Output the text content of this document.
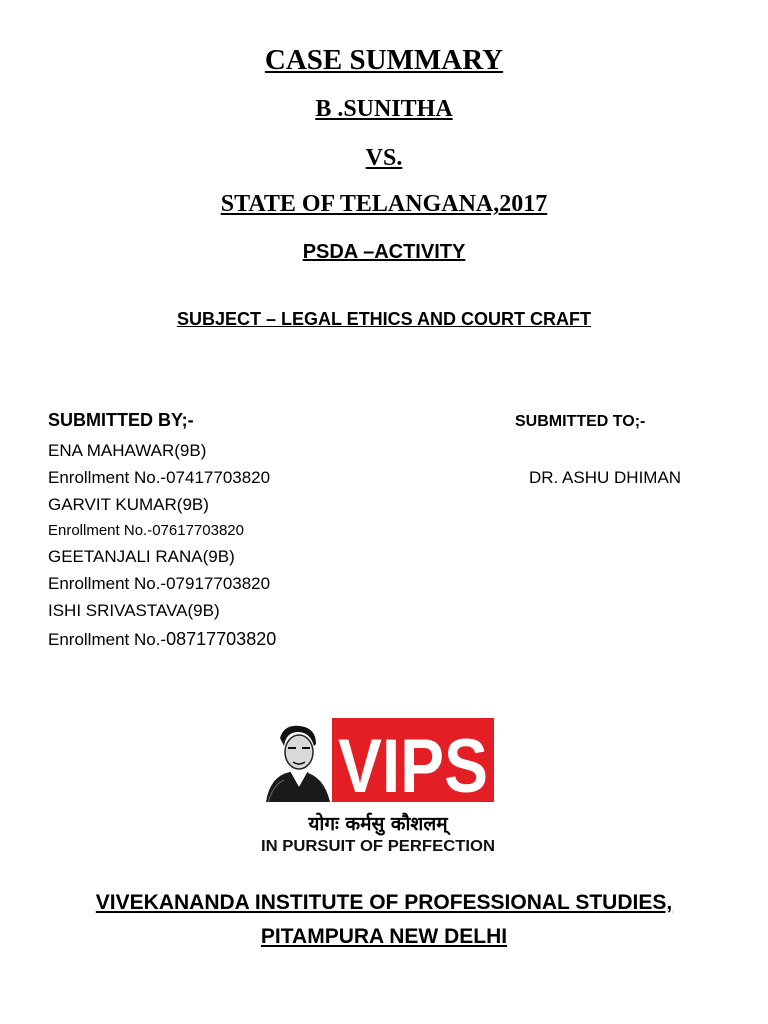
CASE SUMMARY
B .SUNITHA
VS.
STATE OF TELANGANA,2017
PSDA –ACTIVITY
SUBJECT – LEGAL ETHICS AND COURT CRAFT
SUBMITTED BY;-
ENA MAHAWAR(9B)
Enrollment No.-07417703820
GARVIT KUMAR(9B)
Enrollment No.-07617703820
GEETANJALI RANA(9B)
Enrollment No.-07917703820
ISHI SRIVASTAVA(9B)
Enrollment No.-08717703820
SUBMITTED TO;-
DR. ASHU DHIMAN
VIPS
योगः कर्मसु कौशलम्
IN PURSUIT OF PERFECTION
VIVEKANANDA INSTITUTE OF PROFESSIONAL STUDIES,
PITAMPURA NEW DELHI
